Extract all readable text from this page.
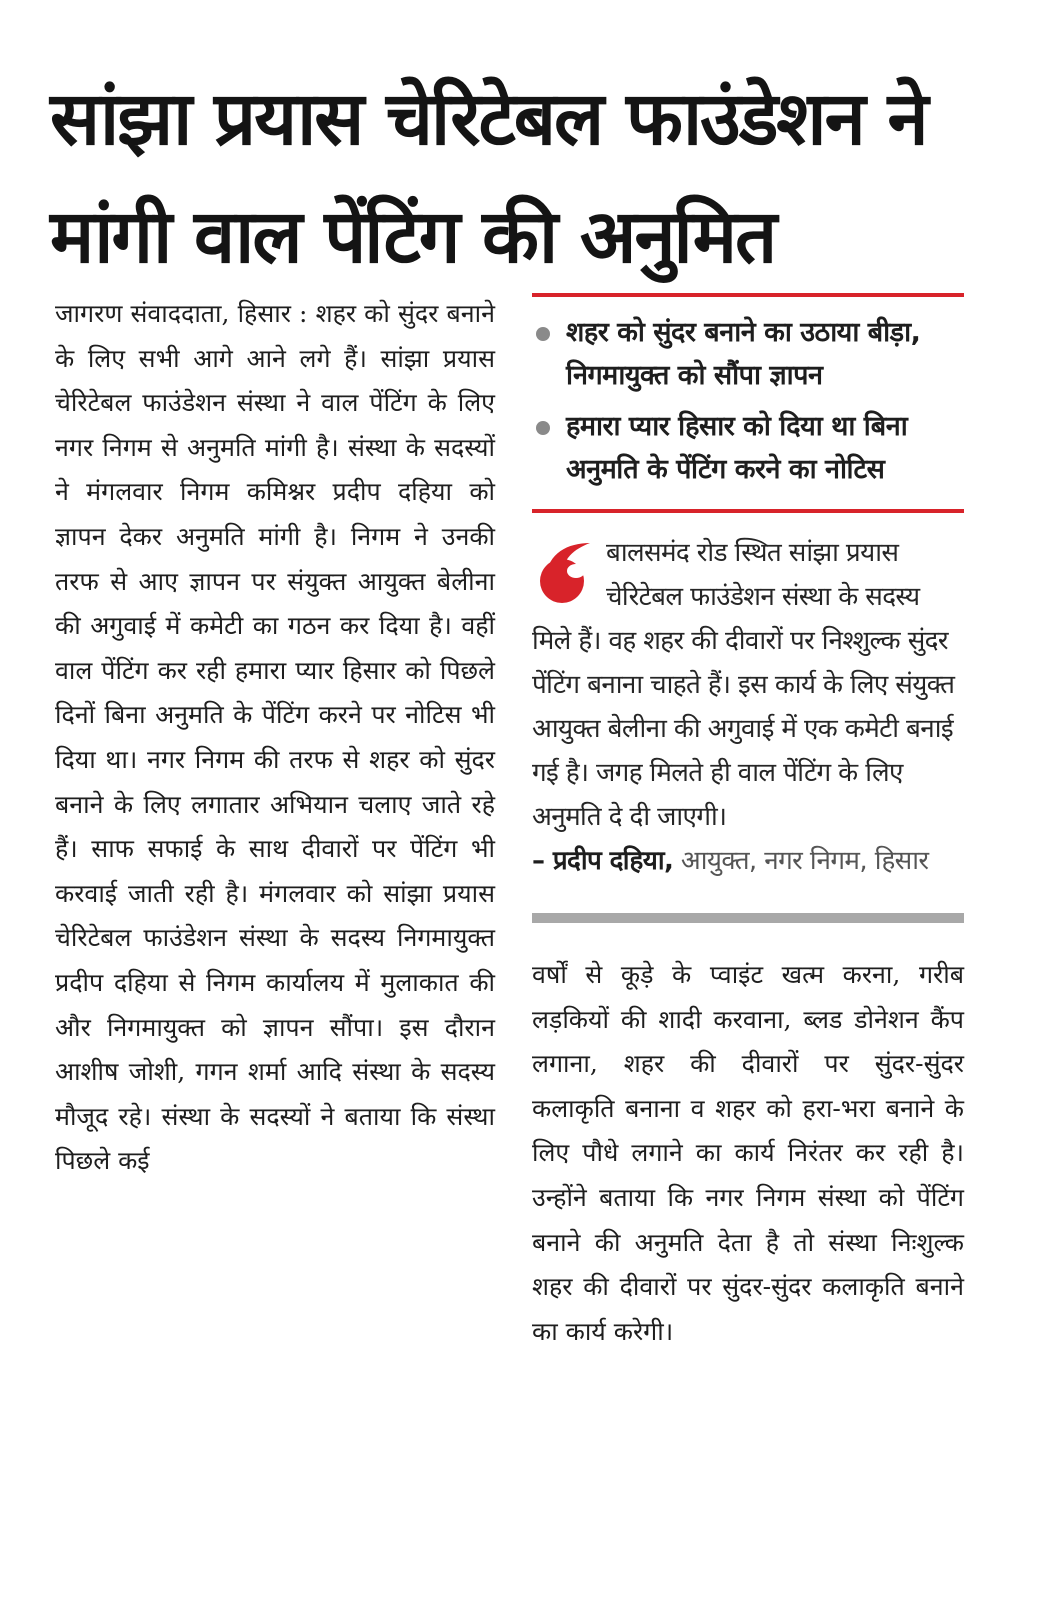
सांझा प्रयास चेरिटेबल फाउंडेशन ने मांगी वाल पेंटिंग की अनुमित

जागरण संवाददाता, हिसार : शहर को सुंदर बनाने के लिए सभी आगे आने लगे हैं। सांझा प्रयास चेरिटेबल फाउंडेशन संस्था ने वाल पेंटिंग के लिए नगर निगम से अनुमति मांगी है। संस्था के सदस्यों ने मंगलवार निगम कमिश्नर प्रदीप दहिया को ज्ञापन देकर अनुमति मांगी है। निगम ने उनकी तरफ से आए ज्ञापन पर संयुक्त आयुक्त बेलीना की अगुवाई में कमेटी का गठन कर दिया है। वहीं वाल पेंटिंग कर रही हमारा प्यार हिसार को पिछले दिनों बिना अनुमति के पेंटिंग करने पर नोटिस भी दिया था। नगर निगम की तरफ से शहर को सुंदर बनाने के लिए लगातार अभियान चलाए जाते रहे हैं। साफ सफाई के साथ दीवारों पर पेंटिंग भी करवाई जाती रही है। मंगलवार को सांझा प्रयास चेरिटेबल फाउंडेशन संस्था के सदस्य निगमायुक्त प्रदीप दहिया से निगम कार्यालय में मुलाकात की और निगमायुक्त को ज्ञापन सौंपा। इस दौरान आशीष जोशी, गगन शर्मा आदि संस्था के सदस्य मौजूद रहे। संस्था के सदस्यों ने बताया कि संस्था पिछले कई

शहर को सुंदर बनाने का उठाया बीड़ा, निगमायुक्त को सौंपा ज्ञापन
हमारा प्यार हिसार को दिया था बिना अनुमति के पेंटिंग करने का नोटिस
बालसमंद रोड स्थित सांझा प्रयास चेरिटेबल फाउंडेशन संस्था के सदस्य मिले हैं। वह शहर की दीवारों पर निश्शुल्क सुंदर पेंटिंग बनाना चाहते हैं। इस कार्य के लिए संयुक्त आयुक्त बेलीना की अगुवाई में एक कमेटी बनाई गई है। जगह मिलते ही वाल पेंटिंग के लिए अनुमति दे दी जाएगी।
– प्रदीप दहिया, आयुक्त, नगर निगम, हिसार

वर्षों से कूड़े के प्वाइंट खत्म करना, गरीब लड़कियों की शादी करवाना, ब्लड डोनेशन कैंप लगाना, शहर की दीवारों पर सुंदर-सुंदर कलाकृति बनाना व शहर को हरा-भरा बनाने के लिए पौधे लगाने का कार्य निरंतर कर रही है। उन्होंने बताया कि नगर निगम संस्था को पेंटिंग बनाने की अनुमति देता है तो संस्था निःशुल्क शहर की दीवारों पर सुंदर-सुंदर कलाकृति बनाने का कार्य करेगी।
